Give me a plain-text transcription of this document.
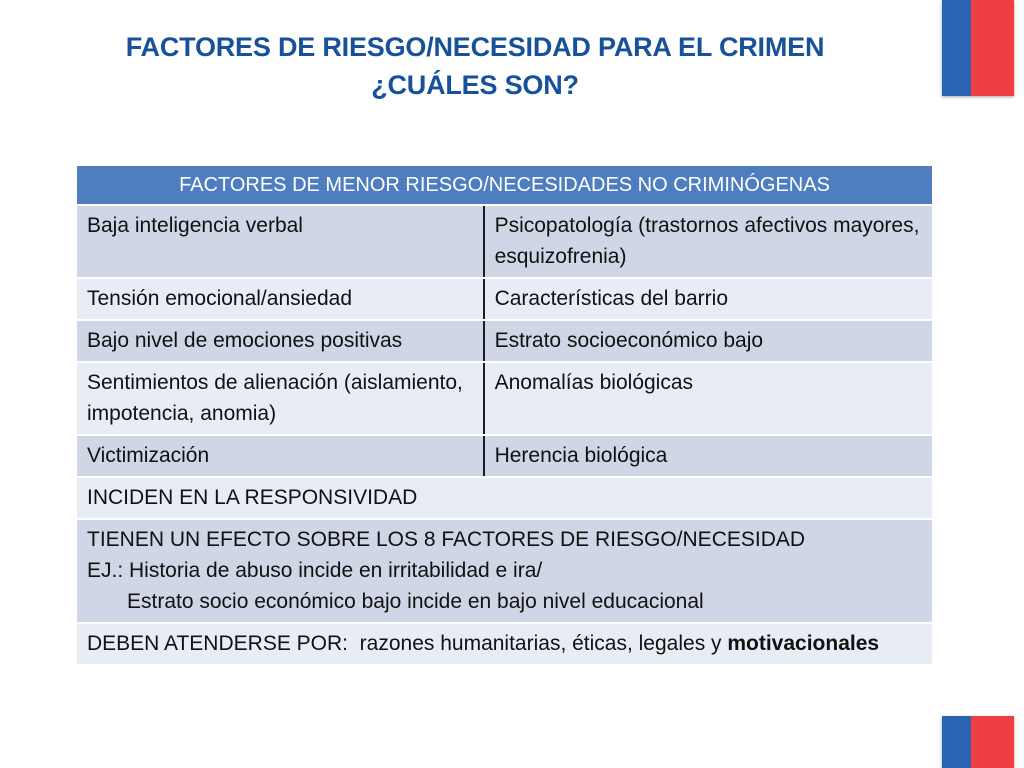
FACTORES DE RIESGO/NECESIDAD PARA EL CRIMEN
¿CUÁLES SON?
FACTORES DE MENOR RIESGO/NECESIDADES NO CRIMINÓGENAS	
Baja inteligencia verbal	Psicopatología (trastornos afectivos mayores, esquizofrenia)
Tensión emocional/ansiedad	Características del barrio
Bajo nivel de emociones positivas	Estrato socioeconómico bajo
Sentimientos de alienación (aislamiento, impotencia, anomia)	Anomalías biológicas
Victimización	Herencia biológica
INCIDEN EN LA RESPONSIVIDAD	

TIENEN UN EFECTO SOBRE LOS 8 FACTORES DE RIESGO/NECESIDAD
EJ.: Historia de abuso incide en irritabilidad e ira/
Estrato socio económico bajo incide en bajo nivel educacional	

DEBEN ATENDERSE POR:  razones humanitarias, éticas, legales y motivacionales	
